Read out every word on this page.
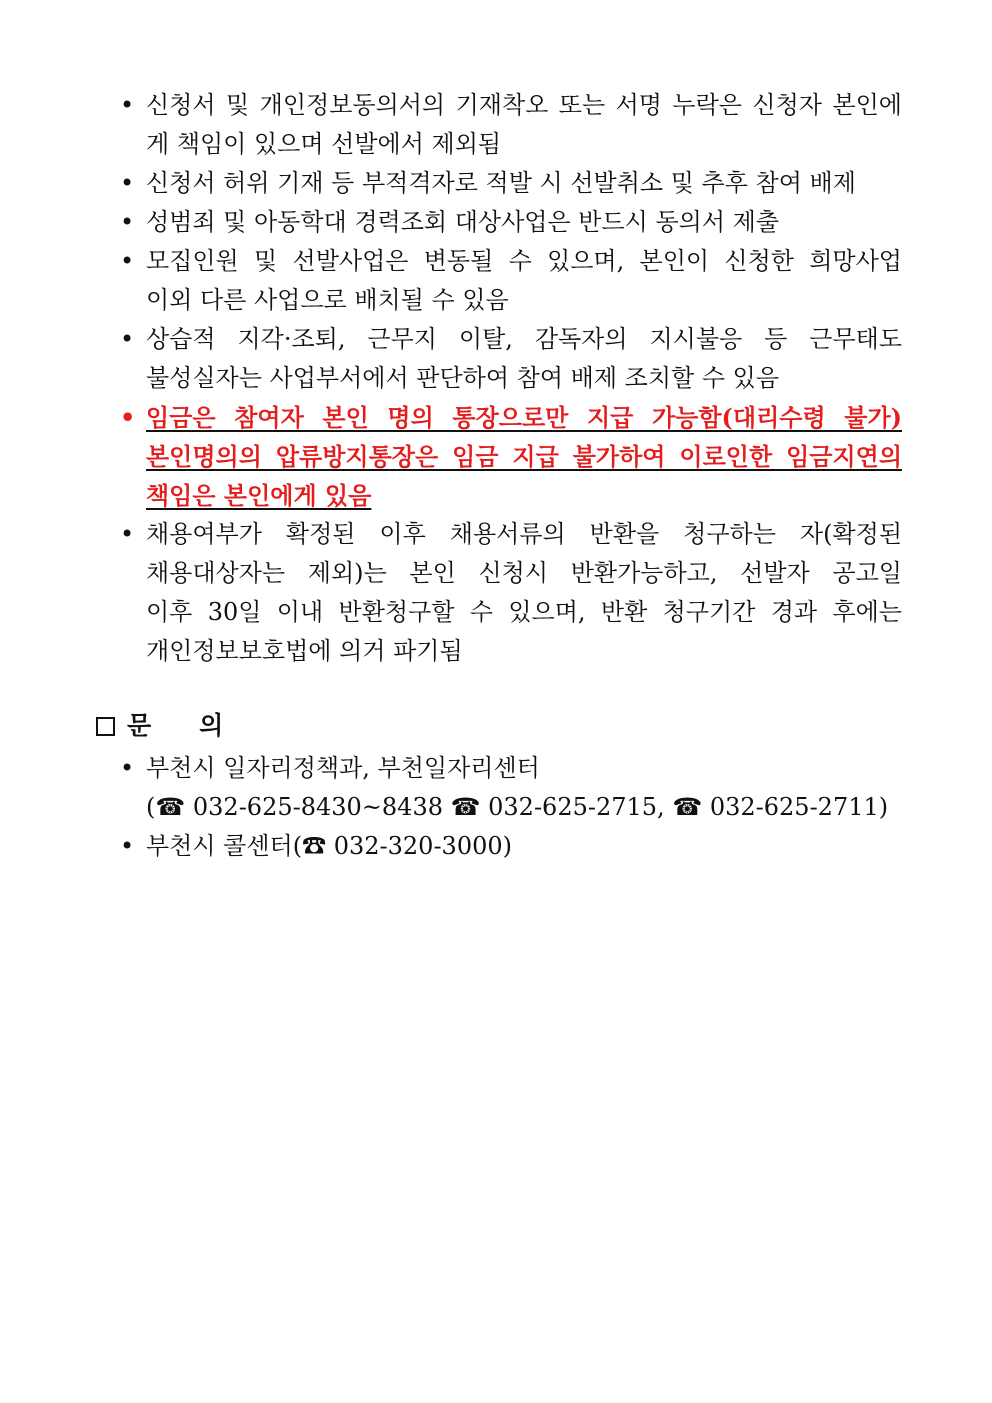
• 신청서 및 개인정보동의서의 기재착오 또는 서명 누락은 신청자 본인에
게 책임이 있으며 선발에서 제외됨
• 신청서 허위 기재 등 부적격자로 적발 시 선발취소 및 추후 참여 배제
• 성범죄 및 아동학대 경력조회 대상사업은 반드시 동의서 제출
• 모집인원 및 선발사업은 변동될 수 있으며, 본인이 신청한 희망사업
이외 다른 사업으로 배치될 수 있음
• 상습적 지각·조퇴, 근무지 이탈, 감독자의 지시불응 등 근무태도
불성실자는 사업부서에서 판단하여 참여 배제 조치할 수 있음
• 임금은 참여자 본인 명의 통장으로만 지급 가능함(대리수령 불가)
본인명의의 압류방지통장은 임금 지급 불가하여 이로인한 임금지연의
책임은 본인에게 있음
• 채용여부가 확정된 이후 채용서류의 반환을 청구하는 자(확정된
채용대상자는 제외)는 본인 신청시 반환가능하고, 선발자 공고일
이후 30일 이내 반환청구할 수 있으며, 반환 청구기간 경과 후에는
개인정보보호법에 의거 파기됨
문의
• 부천시 일자리정책과, 부천일자리센터
(☎ 032-625-8430~8438 ☎ 032-625-2715, ☎ 032-625-2711)
• 부천시 콜센터(☎ 032-320-3000)
